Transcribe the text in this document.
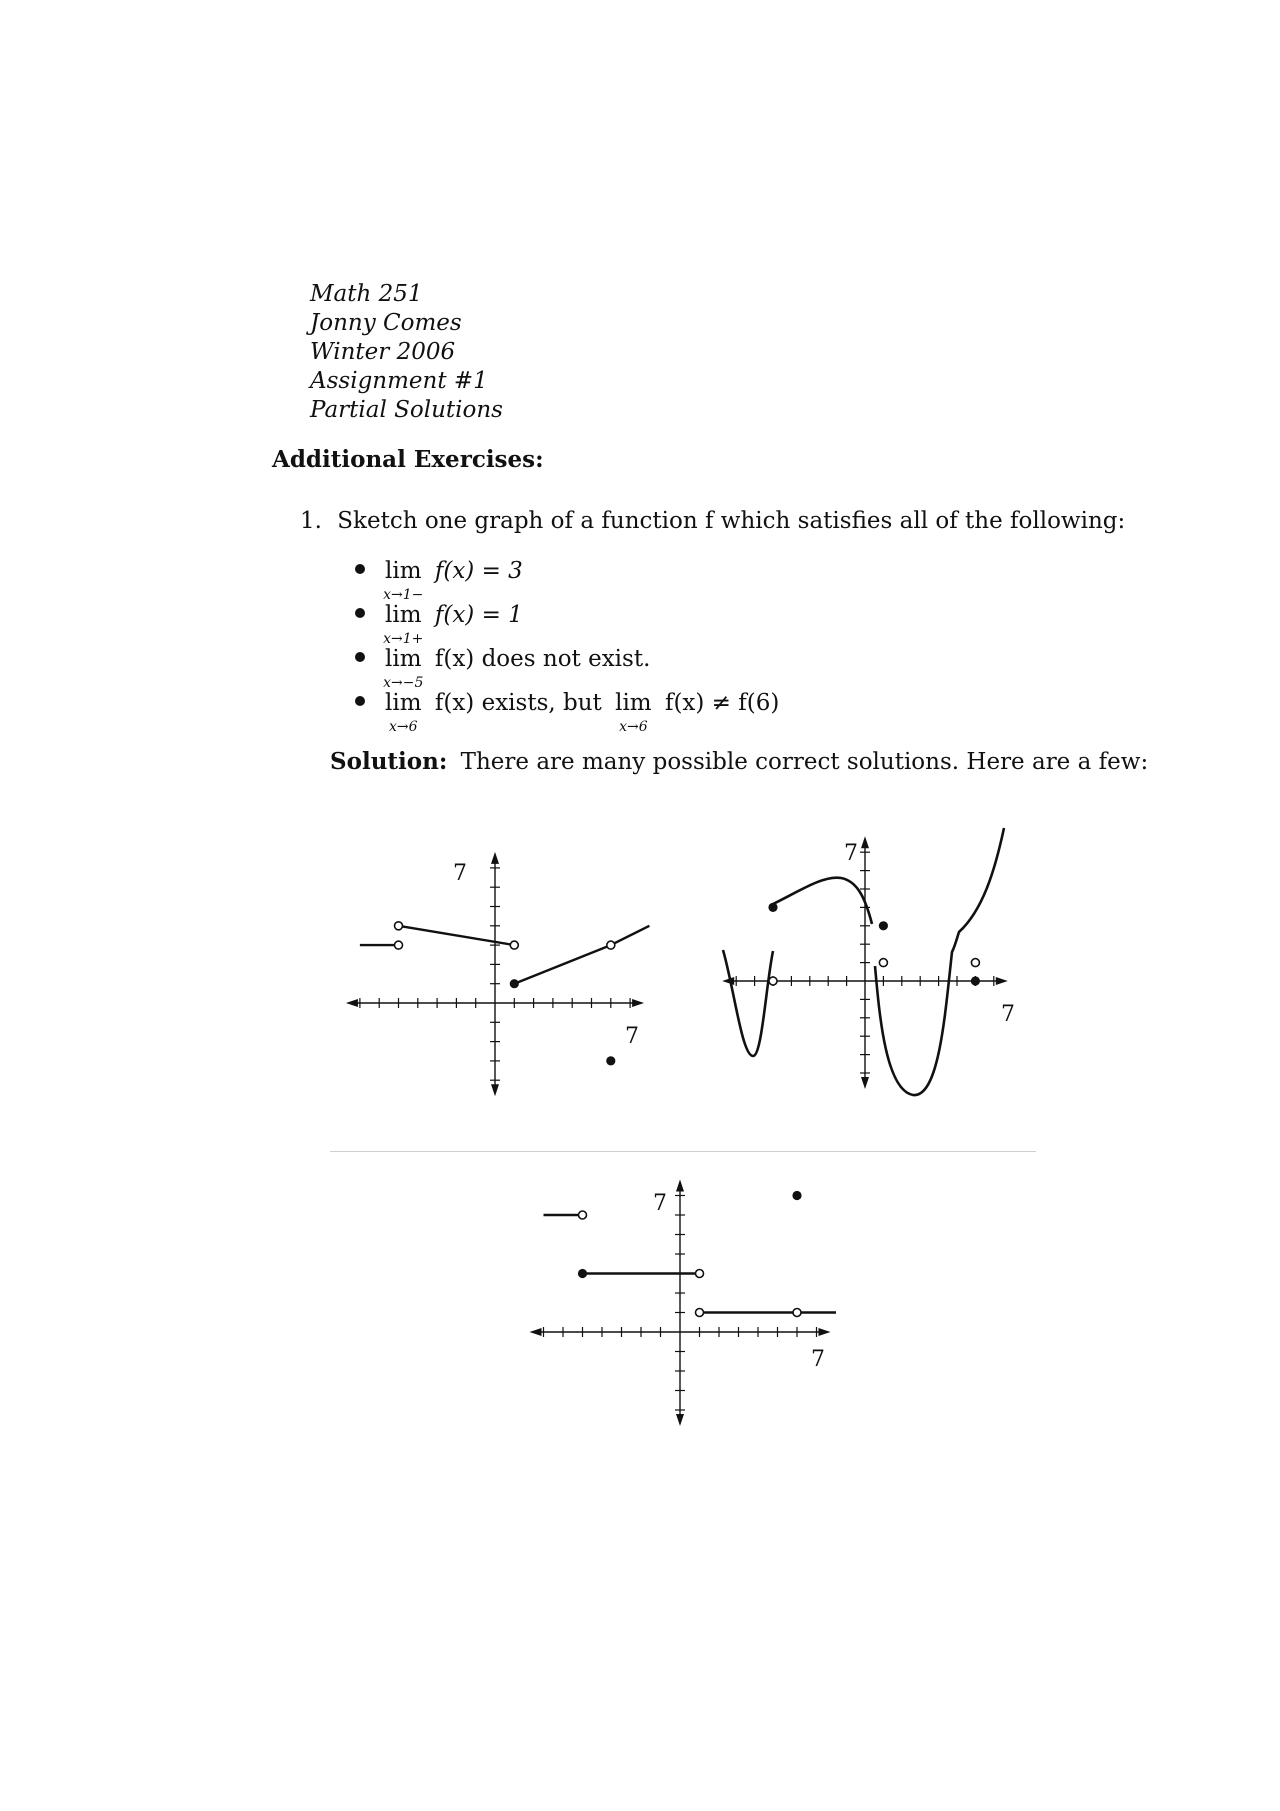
Math 251
Jonny Comes
Winter 2006
Assignment #1
Partial Solutions
Additional Exercises:
1. Sketch one graph of a function f which satisfies all of the following:
lim
x→1−
f(x) = 3
lim
x→1+
f(x) = 1
lim
x→−5
f(x) does not exist.
lim
x→6
f(x) exists, but lim
x→6
f(x) ≠ f(6)
Solution: There are many possible correct solutions. Here are a few:
7
7
7
7
7
7
